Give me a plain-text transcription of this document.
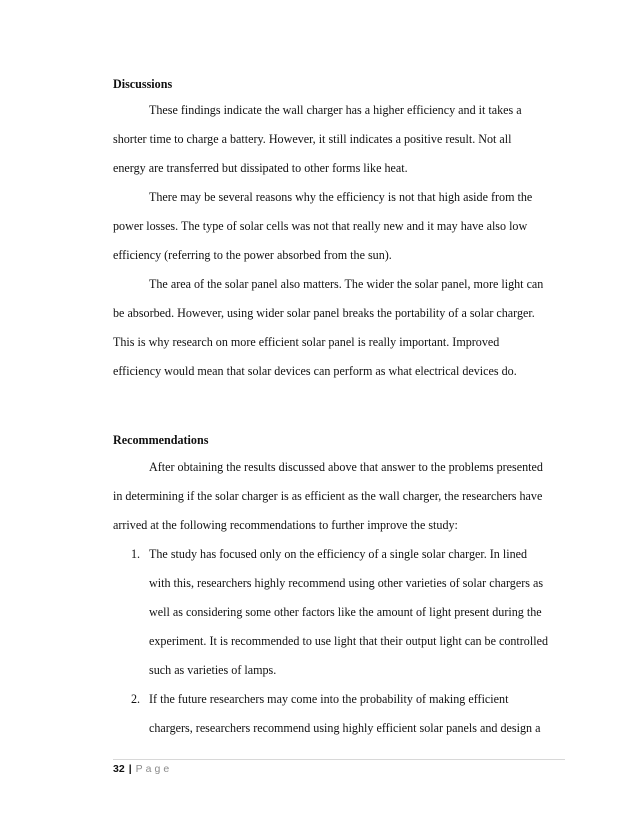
Discussions
These findings indicate the wall charger has a higher efficiency and it takes a
shorter time to charge a battery. However, it still indicates a positive result. Not all
energy are transferred but dissipated to other forms like heat.
There may be several reasons why the efficiency is not that high aside from the
power losses. The type of solar cells was not that really new and it may have also low
efficiency (referring to the power absorbed from the sun).
The area of the solar panel also matters. The wider the solar panel, more light can
be absorbed. However, using wider solar panel breaks the portability of a solar charger.
This is why research on more efficient solar panel is really important. Improved
efficiency would mean that solar devices can perform as what electrical devices do.
Recommendations
After obtaining the results discussed above that answer to the problems presented
in determining if the solar charger is as efficient as the wall charger, the researchers have
arrived at the following recommendations to further improve the study:
1. The study has focused only on the efficiency of a single solar charger. In lined
with this, researchers highly recommend using other varieties of solar chargers as
well as considering some other factors like the amount of light present during the
experiment. It is recommended to use light that their output light can be controlled
such as varieties of lamps.
2. If the future researchers may come into the probability of making efficient
chargers, researchers recommend using highly efficient solar panels and design a
32 | Page
